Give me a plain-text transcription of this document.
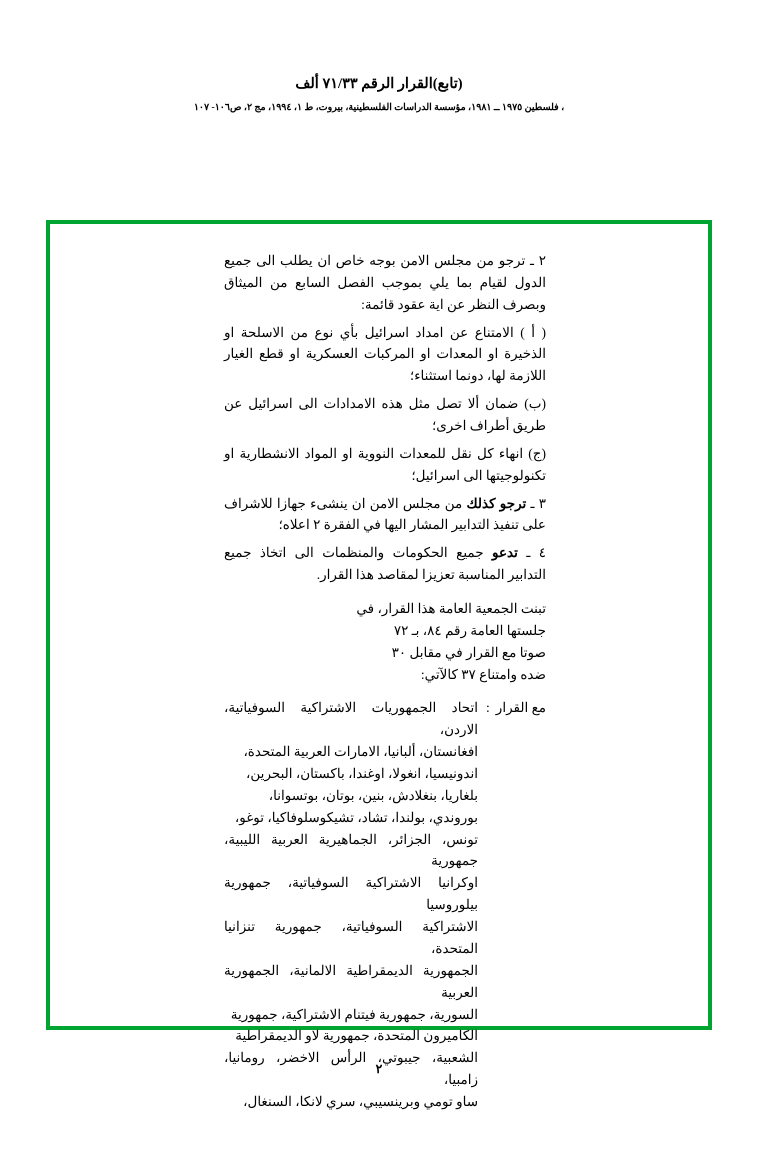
(تابع)القرار الرقم ٧١/٣٣ ألف
، فلسطين ١٩٧٥ ــ ١٩٨١، مؤسسة الدراسات الفلسطينية، بيروت، ط ١، ١٩٩٤، مج ٢، ص١٠٦- ١٠٧

٢ ـ ترجو من مجلس الامن بوجه خاص ان يطلب الى جميع الدول لقيام بما يلي بموجب الفصل السابع من الميثاق وبصرف النظر عن اية عقود قائمة:

( أ ) الامتناع عن امداد اسرائيل بأي نوع من الاسلحة او الذخيرة او المعدات او المركبات العسكرية او قطع الغيار اللازمة لها، دونما استثناء؛

(ب) ضمان ألا تصل مثل هذه الامدادات الى اسرائيل عن طريق أطراف اخرى؛

(ج) انهاء كل نقل للمعدات النووية او المواد الانشطارية او تكنولوجيتها الى اسرائيل؛

٣ ـ ترجو كذلك من مجلس الامن ان ينشىء جهازا للاشراف على تنفيذ التدابير المشار اليها في الفقرة ٢ اعلاه؛

٤ ـ تدعو جميع الحكومات والمنظمات الى اتخاذ جميع التدابير المناسبة تعزيزا لمقاصد هذا القرار.

تبنت الجمعية العامة هذا القرار، في
جلستها العامة رقم ٨٤، بـ ٧٢
صوتا مع القرار في مقابل ٣٠
ضده وامتناع ٣٧ كالآتي:
مع القرار
:
اتحاد الجمهوريات الاشتراكية السوفياتية، الاردن،
افغانستان، ألبانيا، الامارات العربية المتحدة،
اندونيسيا، انغولا، اوغندا، باكستان، البحرين،
بلغاريا، بنغلادش، بنين، بوتان، بوتسوانا،
بوروندي، بولندا، تشاد، تشيكوسلوفاكيا، توغو،
تونس، الجزائر، الجماهيرية العربية الليبية، جمهورية
اوكرانيا الاشتراكية السوفياتية، جمهورية بيلوروسيا
الاشتراكية السوفياتية، جمهورية تنزانيا المتحدة،
الجمهورية الديمقراطية الالمانية، الجمهورية العربية
السورية، جمهورية فيتنام الاشتراكية، جمهورية
الكاميرون المتحدة، جمهورية لاو الديمقراطية
الشعبية، جيبوتي، الرأس الاخضر، رومانيا، زامبيا،
ساو تومي وبرينسيبي، سري لانكا، السنغال،
٢
